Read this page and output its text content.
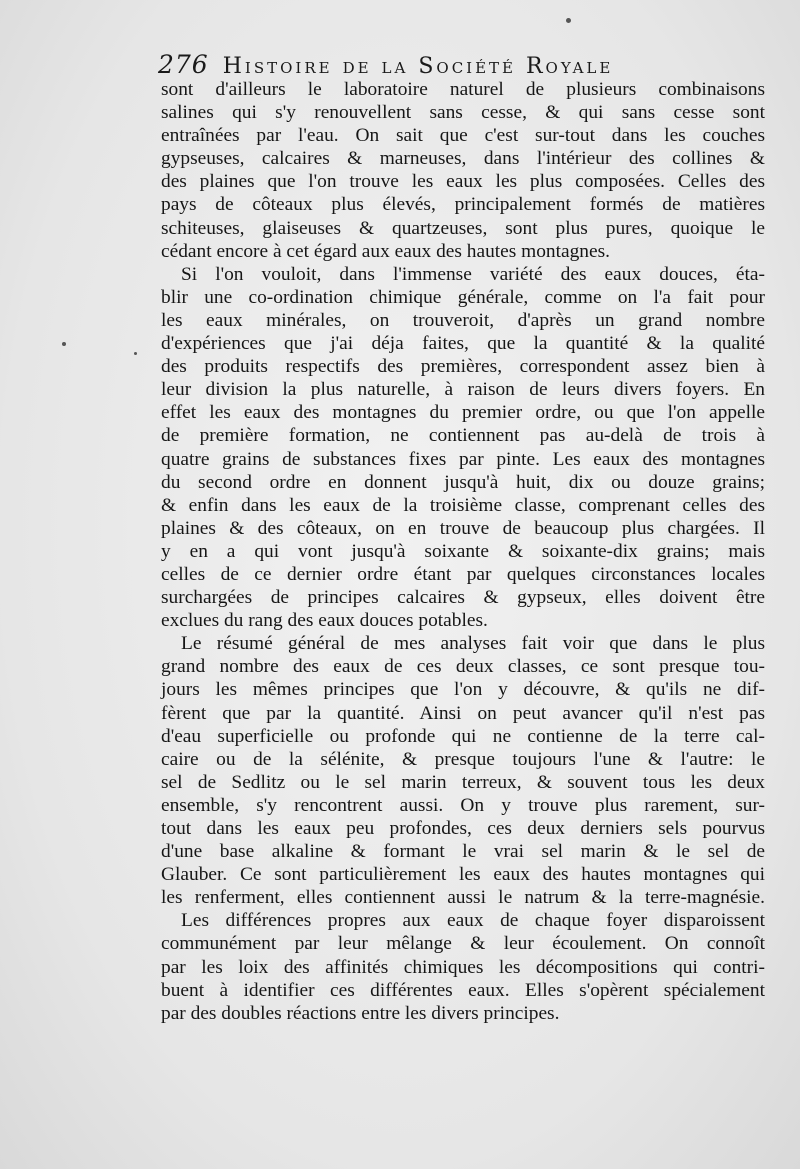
276 Histoire de la Société Royale
sont d'ailleurs le laboratoire naturel de plusieurs combinaisons
salines qui s'y renouvellent sans cesse, & qui sans cesse sont
entraînées par l'eau. On sait que c'est sur-tout dans les couches
gypseuses, calcaires & marneuses, dans l'intérieur des collines &
des plaines que l'on trouve les eaux les plus composées. Celles des
pays de côteaux plus élevés, principalement formés de matières
schiteuses, glaiseuses & quartzeuses, sont plus pures, quoique le
cédant encore à cet égard aux eaux des hautes montagnes.
Si l'on vouloit, dans l'immense variété des eaux douces, éta-
blir une co-ordination chimique générale, comme on l'a fait pour
les eaux minérales, on trouveroit, d'après un grand nombre
d'expériences que j'ai déja faites, que la quantité & la qualité
des produits respectifs des premières, correspondent assez bien à
leur division la plus naturelle, à raison de leurs divers foyers. En
effet les eaux des montagnes du premier ordre, ou que l'on appelle
de première formation, ne contiennent pas au-delà de trois à
quatre grains de substances fixes par pinte. Les eaux des montagnes
du second ordre en donnent jusqu'à huit, dix ou douze grains;
& enfin dans les eaux de la troisième classe, comprenant celles des
plaines & des côteaux, on en trouve de beaucoup plus chargées. Il
y en a qui vont jusqu'à soixante & soixante-dix grains; mais
celles de ce dernier ordre étant par quelques circonstances locales
surchargées de principes calcaires & gypseux, elles doivent être
exclues du rang des eaux douces potables.
Le résumé général de mes analyses fait voir que dans le plus
grand nombre des eaux de ces deux classes, ce sont presque tou-
jours les mêmes principes que l'on y découvre, & qu'ils ne dif-
fèrent que par la quantité. Ainsi on peut avancer qu'il n'est pas
d'eau superficielle ou profonde qui ne contienne de la terre cal-
caire ou de la sélénite, & presque toujours l'une & l'autre: le
sel de Sedlitz ou le sel marin terreux, & souvent tous les deux
ensemble, s'y rencontrent aussi. On y trouve plus rarement, sur-
tout dans les eaux peu profondes, ces deux derniers sels pourvus
d'une base alkaline & formant le vrai sel marin & le sel de
Glauber. Ce sont particulièrement les eaux des hautes montagnes qui
les renferment, elles contiennent aussi le natrum & la terre-magnésie.
Les différences propres aux eaux de chaque foyer disparoissent
communément par leur mêlange & leur écoulement. On connoît
par les loix des affinités chimiques les décompositions qui contri-
buent à identifier ces différentes eaux. Elles s'opèrent spécialement
par des doubles réactions entre les divers principes.
